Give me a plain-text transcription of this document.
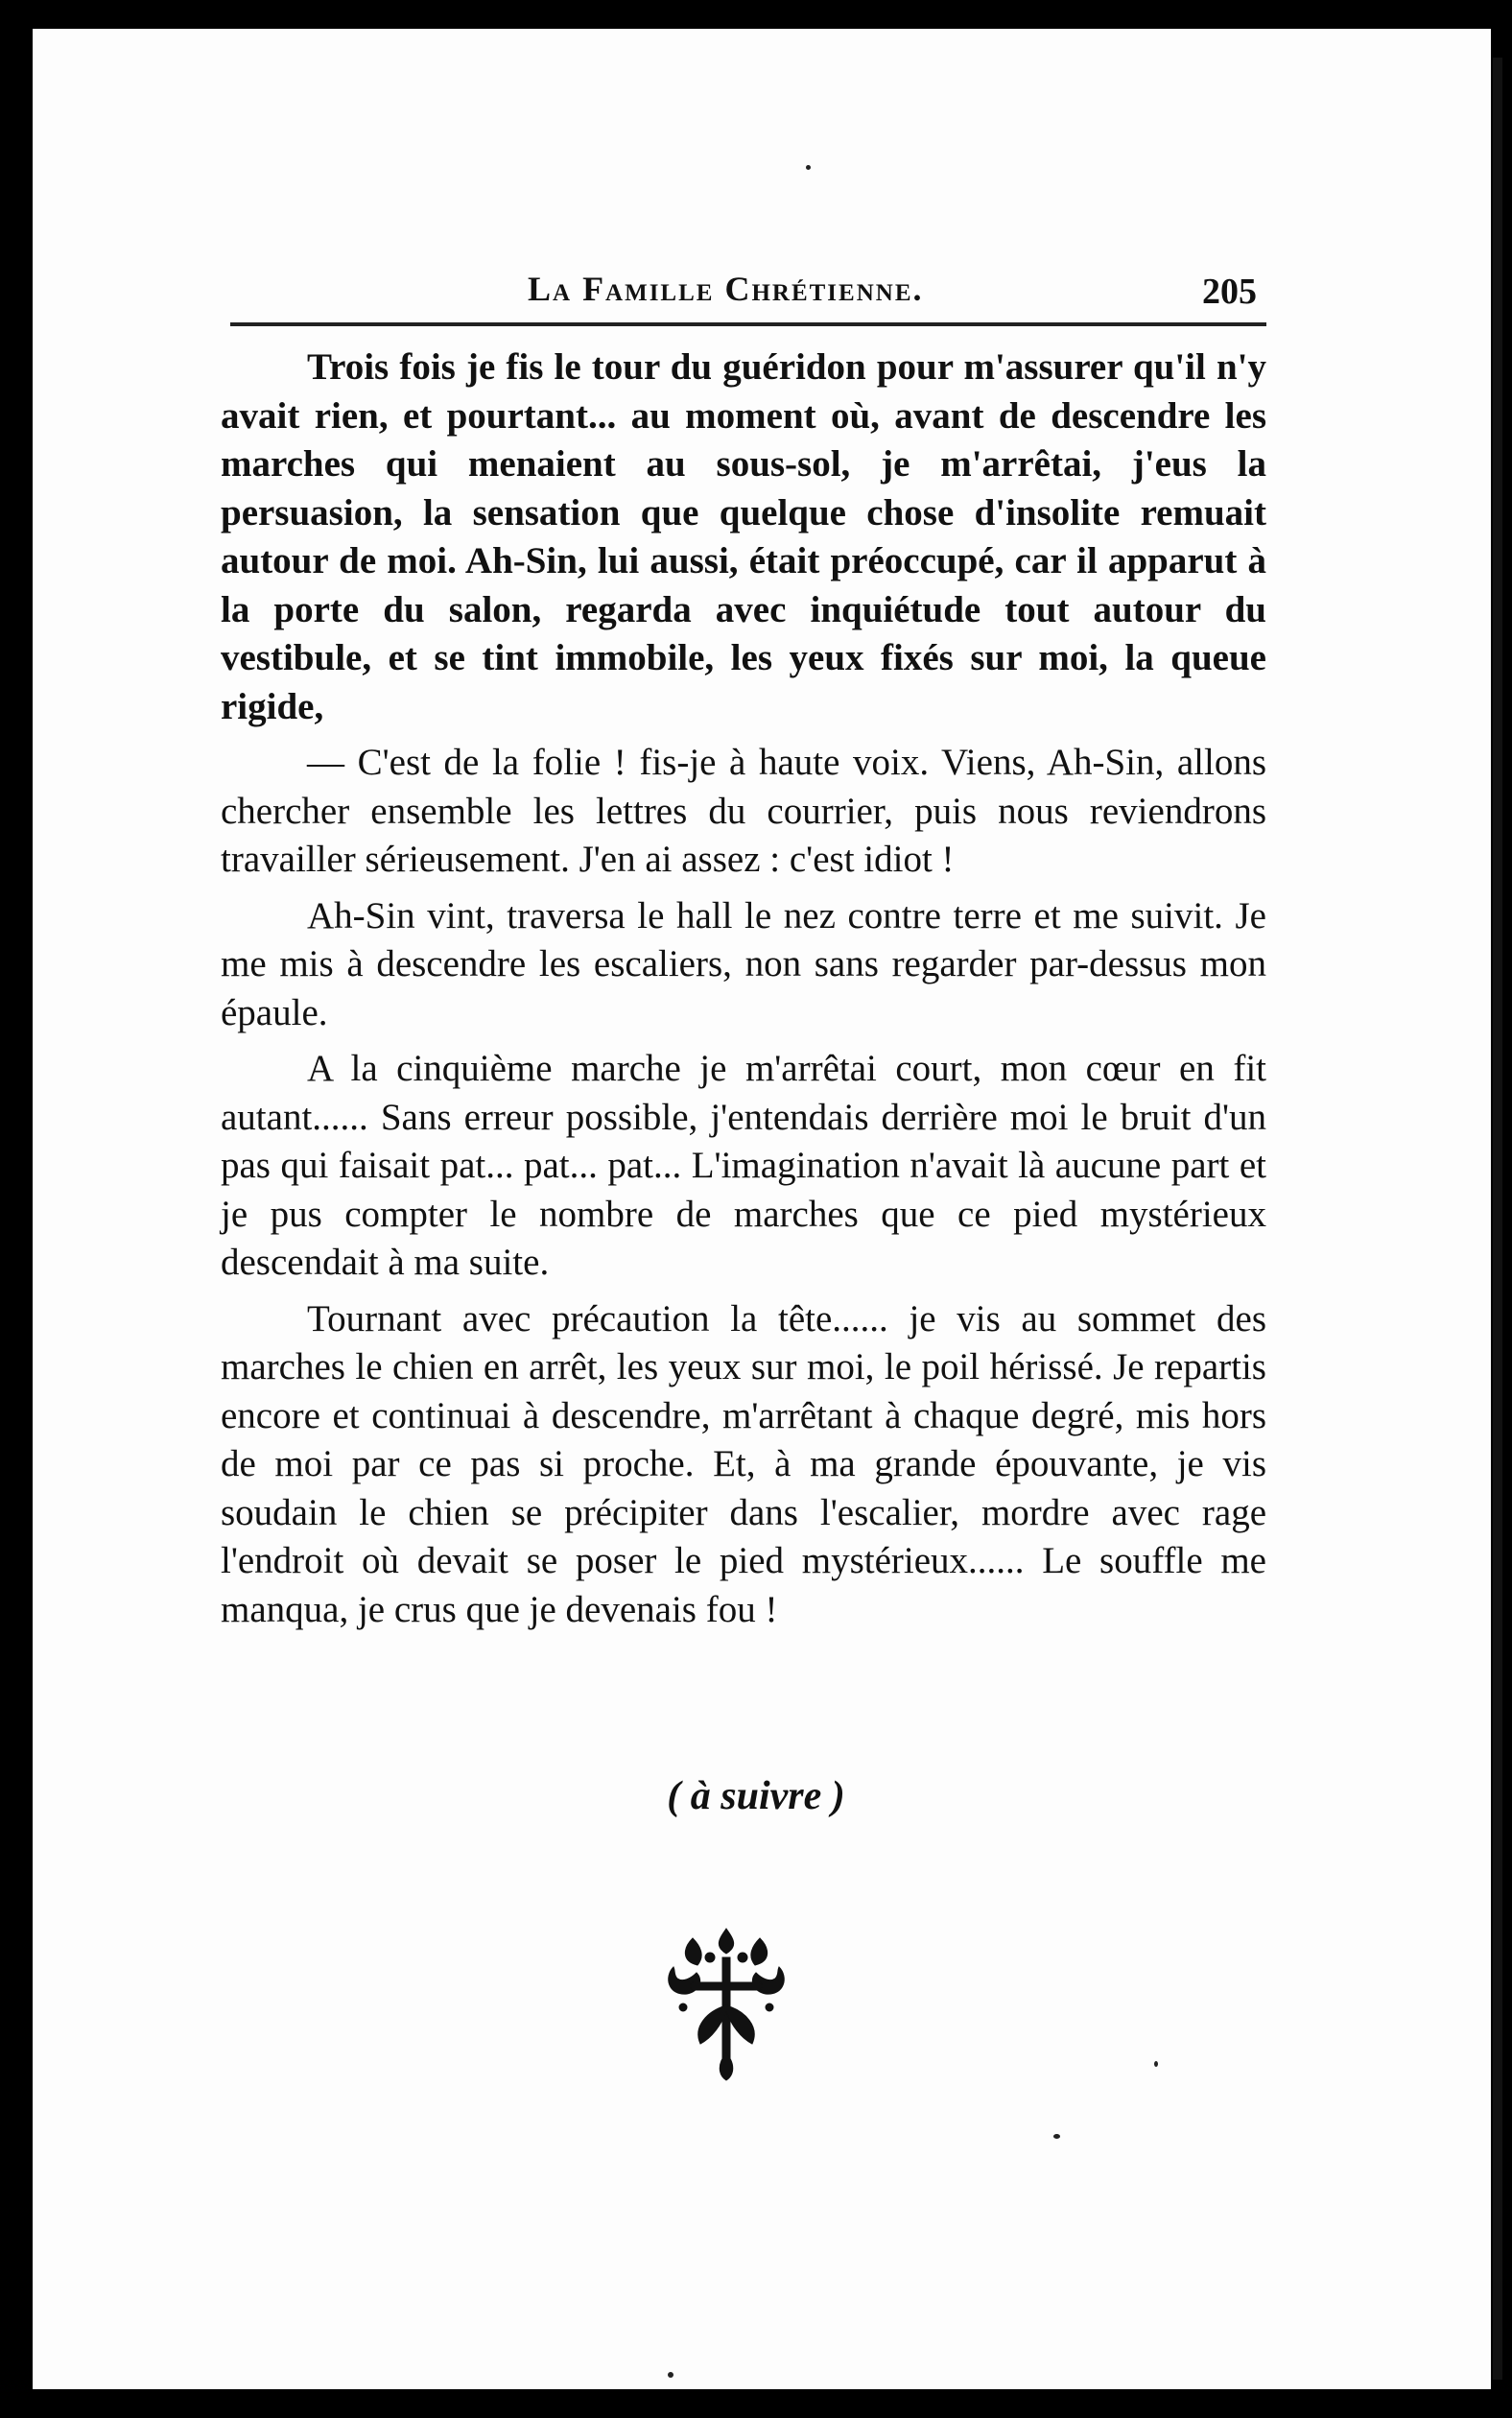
La Famille Chrétienne.	205

Trois fois je fis le tour du guéridon pour m'assurer qu'il n'y avait rien, et pourtant... au moment où, avant de descendre les marches qui menaient au sous-sol, je m'arrêtai, j'eus la persuasion, la sensation que quelque chose d'insolite remuait autour de moi. Ah-Sin, lui aussi, était préoccupé, car il apparut à la porte du salon, regarda avec inquiétude tout autour du vestibule, et se tint immobile, les yeux fixés sur moi, la queue rigide,

— C'est de la folie ! fis-je à haute voix. Viens, Ah-Sin, allons chercher ensemble les lettres du courrier, puis nous reviendrons travailler sérieusement. J'en ai assez : c'est idiot !

Ah-Sin vint, traversa le hall le nez contre terre et me suivit. Je me mis à descendre les escaliers, non sans regarder par-dessus mon épaule.

A la cinquième marche je m'arrêtai court, mon cœur en fit autant...... Sans erreur possible, j'entendais derrière moi le bruit d'un pas qui faisait pat... pat... pat... L'imagination n'avait là aucune part et je pus compter le nombre de marches que ce pied mystérieux descendait à ma suite.

Tournant avec précaution la tête...... je vis au sommet des marches le chien en arrêt, les yeux sur moi, le poil hérissé. Je repartis encore et continuai à descendre, m'arrêtant à chaque degré, mis hors de moi par ce pas si proche. Et, à ma grande épouvante, je vis soudain le chien se précipiter dans l'escalier, mordre avec rage l'endroit où devait se poser le pied mystérieux...... Le souffle me manqua, je crus que je devenais fou !

( à suivre )
